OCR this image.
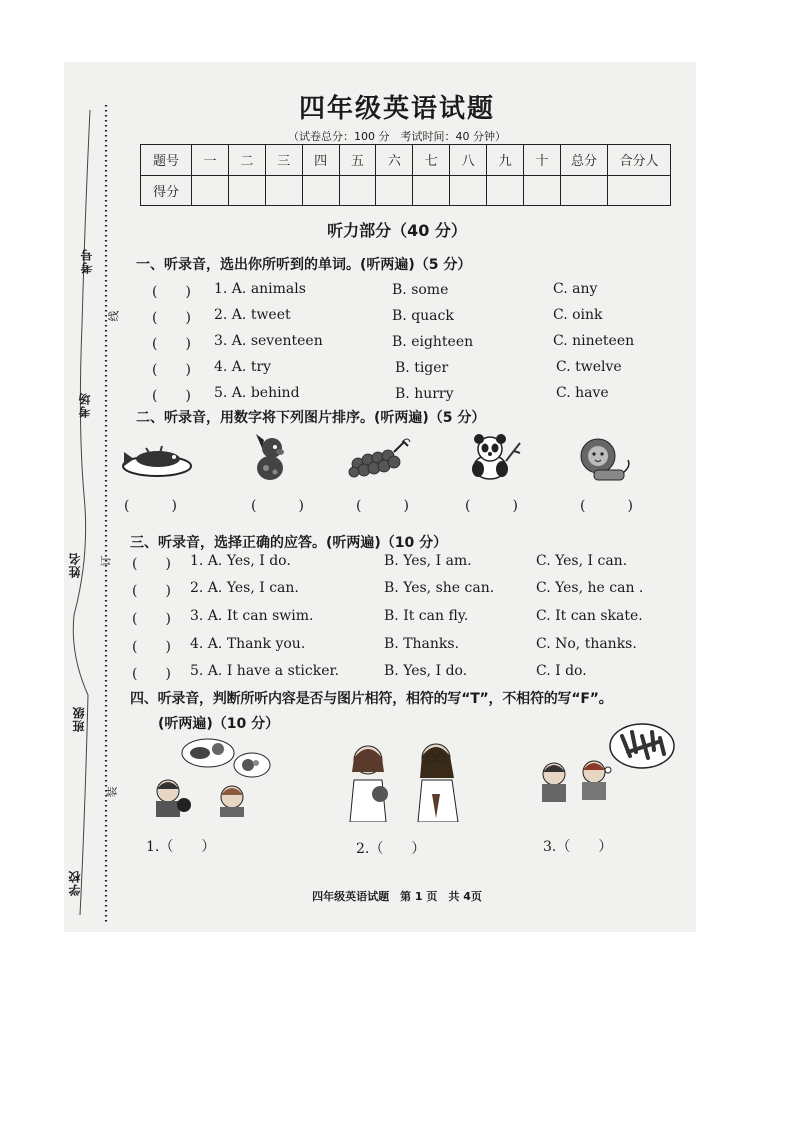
考号
考场
姓名
班级
学校
线
订
装
四年级英语试题
（试卷总分：100 分　考试时间：40 分钟）
题号	一	二	三	四	五	六	七	八	九	十	总分	合分人
得分												
听力部分（40 分）
一、听录音，选出你所听到的单词。(听两遍)（5 分）
(　　) 1. A. animals	B. some	C. any
(　　) 2. A. tweet	B. quack	C. oink
(　　) 3. A. seventeen	B. eighteen	C. nineteen
(　　) 4. A. try	B. tiger	C. twelve
(　　) 5. A. behind	B. hurry	C. have
二、听录音，用数字将下列图片排序。(听两遍)（5 分）
(　　　)	(　　　)	(　　　)	(　　　)	(　　　)
三、听录音，选择正确的应答。(听两遍)（10 分）
(　　) 1. A. Yes, I do.	B. Yes, I am.	C. Yes, I can.
(　　) 2. A. Yes, I can.	B. Yes, she can.	C. Yes, he can .
(　　) 3. A. It can swim.	B. It can fly.	C. It can skate.
(　　) 4. A. Thank you.	B. Thanks.	C. No, thanks.
(　　) 5. A. I have a sticker.	B. Yes, I do.	C. I do.
四、听录音，判断所听内容是否与图片相符，相符的写“T”，不相符的写“F”。
(听两遍)（10 分）
1.（　　）	2.（　　）	3.（　　）
四年级英语试题　第 1 页　共 4页
